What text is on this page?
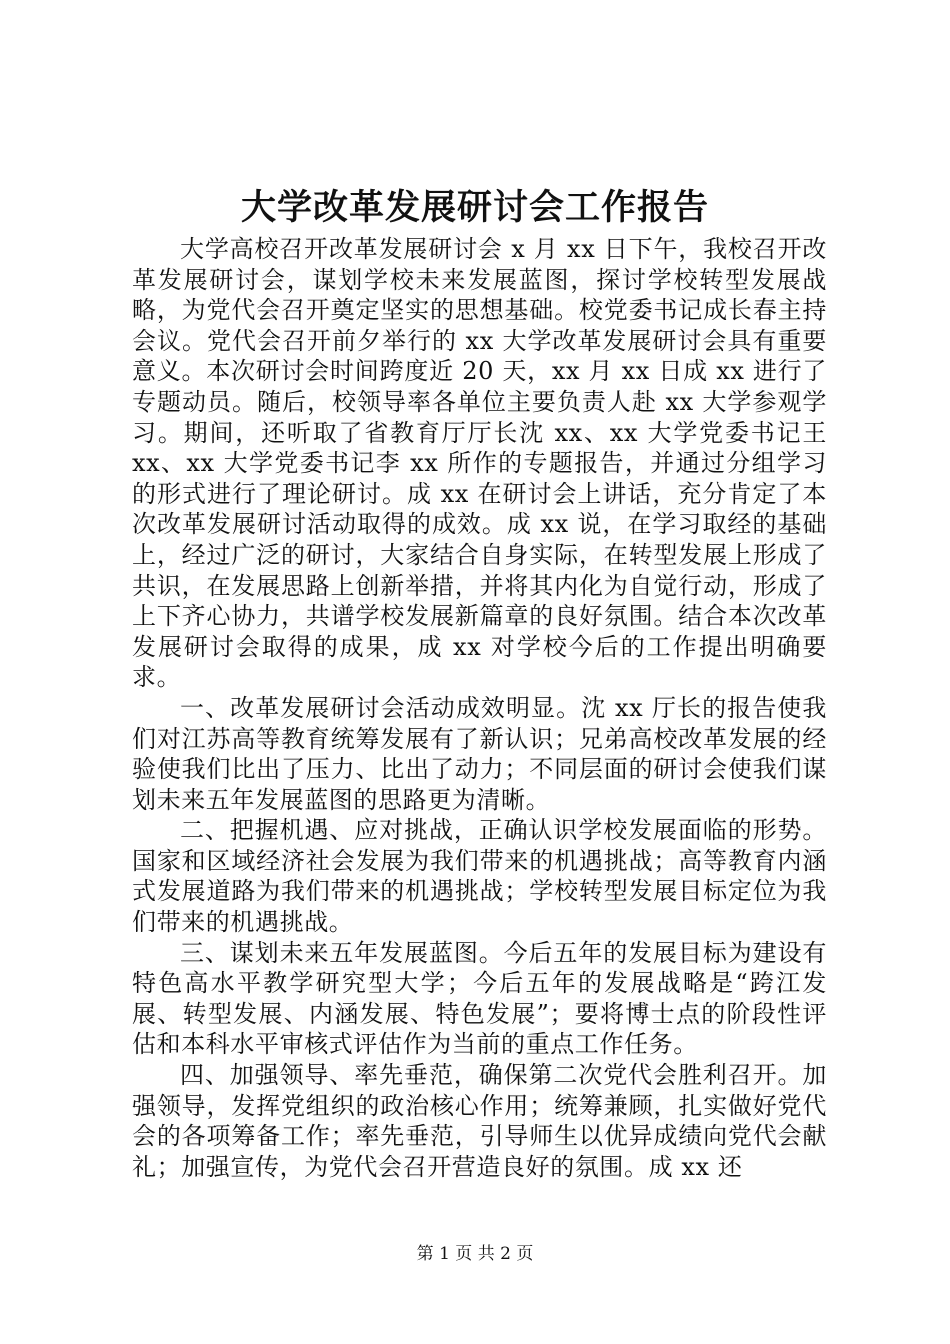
大学改革发展研讨会工作报告

大学高校召开改革发展研讨会 x 月 xx 日下午，我校召开改革发展研讨会，谋划学校未来发展蓝图，探讨学校转型发展战略，为党代会召开奠定坚实的思想基础。校党委书记成长春主持会议。党代会召开前夕举行的 xx 大学改革发展研讨会具有重要意义。本次研讨会时间跨度近 20 天，xx 月 xx 日成 xx 进行了专题动员。随后，校领导率各单位主要负责人赴 xx 大学参观学习。期间，还听取了省教育厅厅长沈 xx、xx 大学党委书记王 xx、xx 大学党委书记李 xx 所作的专题报告，并通过分组学习的形式进行了理论研讨。成 xx 在研讨会上讲话，充分肯定了本次改革发展研讨活动取得的成效。成 xx 说，在学习取经的基础上，经过广泛的研讨，大家结合自身实际，在转型发展上形成了共识，在发展思路上创新举措，并将其内化为自觉行动，形成了上下齐心协力，共谱学校发展新篇章的良好氛围。结合本次改革发展研讨会取得的成果，成 xx 对学校今后的工作提出明确要求。

一、改革发展研讨会活动成效明显。沈 xx 厅长的报告使我们对江苏高等教育统筹发展有了新认识；兄弟高校改革发展的经验使我们比出了压力、比出了动力；不同层面的研讨会使我们谋划未来五年发展蓝图的思路更为清晰。

二、把握机遇、应对挑战，正确认识学校发展面临的形势。国家和区域经济社会发展为我们带来的机遇挑战；高等教育内涵式发展道路为我们带来的机遇挑战；学校转型发展目标定位为我们带来的机遇挑战。

三、谋划未来五年发展蓝图。今后五年的发展目标为建设有特色高水平教学研究型大学；今后五年的发展战略是“跨江发展、转型发展、内涵发展、特色发展”；要将博士点的阶段性评估和本科水平审核式评估作为当前的重点工作任务。

四、加强领导、率先垂范，确保第二次党代会胜利召开。加强领导，发挥党组织的政治核心作用；统筹兼顾，扎实做好党代会的各项筹备工作；率先垂范，引导师生以优异成绩向党代会献礼；加强宣传，为党代会召开营造良好的氛围。成 xx 还

第 1 页 共 2 页
